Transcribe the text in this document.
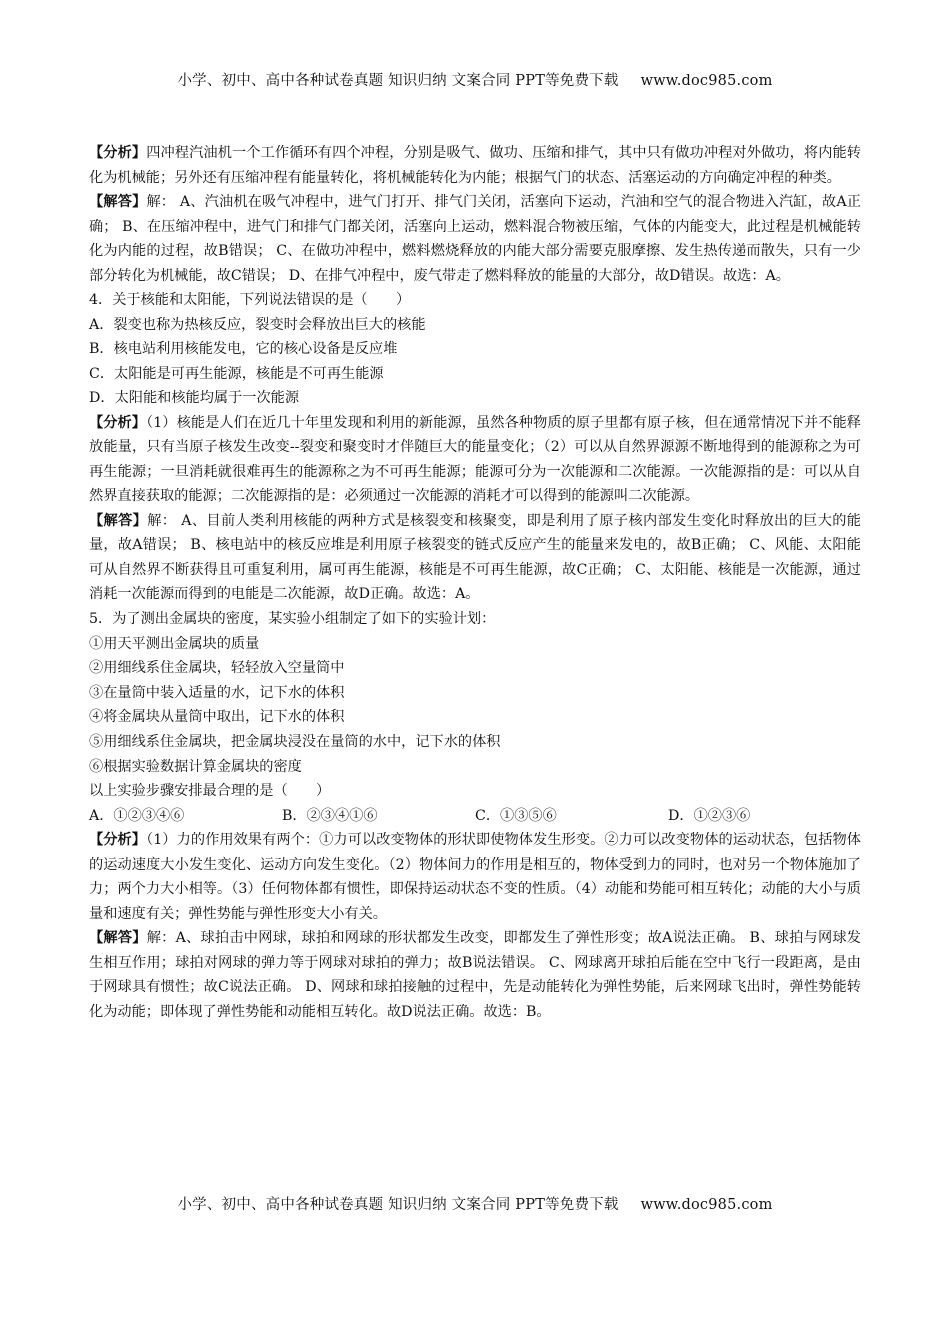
小学、初中、高中各种试卷真题 知识归纳 文案合同 PPT等免费下载 www.doc985.com

【分析】四冲程汽油机一个工作循环有四个冲程，分别是吸气、做功、压缩和排气，其中只有做功冲程对外做功，将内能转化为机械能；另外还有压缩冲程有能量转化，将机械能转化为内能；根据气门的状态、活塞运动的方向确定冲程的种类。

【解答】解： A、汽油机在吸气冲程中，进气门打开、排气门关闭，活塞向下运动，汽油和空气的混合物进入汽缸，故A正确； B、在压缩冲程中，进气门和排气门都关闭，活塞向上运动，燃料混合物被压缩，气体的内能变大，此过程是机械能转化为内能的过程，故B错误； C、在做功冲程中，燃料燃烧释放的内能大部分需要克服摩擦、发生热传递而散失，只有一少部分转化为机械能，故C错误； D、在排气冲程中，废气带走了燃料释放的能量的大部分，故D错误。故选：A。

4．关于核能和太阳能，下列说法错误的是（　　）

A．裂变也称为热核反应，裂变时会释放出巨大的核能

B．核电站利用核能发电，它的核心设备是反应堆

C．太阳能是可再生能源，核能是不可再生能源

D．太阳能和核能均属于一次能源

【分析】（1）核能是人们在近几十年里发现和利用的新能源，虽然各种物质的原子里都有原子核，但在通常情况下并不能释放能量，只有当原子核发生改变--裂变和聚变时才伴随巨大的能量变化；（2）可以从自然界源源不断地得到的能源称之为可再生能源；一旦消耗就很难再生的能源称之为不可再生能源；能源可分为一次能源和二次能源。一次能源指的是：可以从自然界直接获取的能源；二次能源指的是：必须通过一次能源的消耗才可以得到的能源叫二次能源。

【解答】解： A、目前人类利用核能的两种方式是核裂变和核聚变，即是利用了原子核内部发生变化时释放出的巨大的能量，故A错误； B、核电站中的核反应堆是利用原子核裂变的链式反应产生的能量来发电的，故B正确； C、风能、太阳能可从自然界不断获得且可重复利用，属可再生能源，核能是不可再生能源，故C正确； C、太阳能、核能是一次能源，通过消耗一次能源而得到的电能是二次能源，故D正确。故选：A。

5．为了测出金属块的密度，某实验小组制定了如下的实验计划：

①用天平测出金属块的质量

②用细线系住金属块，轻轻放入空量筒中

③在量筒中装入适量的水，记下水的体积

④将金属块从量筒中取出，记下水的体积

⑤用细线系住金属块，把金属块浸没在量筒的水中，记下水的体积

⑥根据实验数据计算金属块的密度

以上实验步骤安排最合理的是（　　）

A．①②③④⑥	B．②③④①⑥	C．①③⑤⑥	D．①②③⑥

【分析】（1）力的作用效果有两个：①力可以改变物体的形状即使物体发生形变。②力可以改变物体的运动状态，包括物体的运动速度大小发生变化、运动方向发生变化。（2）物体间力的作用是相互的，物体受到力的同时，也对另一个物体施加了力；两个力大小相等。（3）任何物体都有惯性，即保持运动状态不变的性质。（4）动能和势能可相互转化；动能的大小与质量和速度有关；弹性势能与弹性形变大小有关。

【解答】解：A、球拍击中网球，球拍和网球的形状都发生改变，即都发生了弹性形变；故A说法正确。 B、球拍与网球发生相互作用；球拍对网球的弹力等于网球对球拍的弹力；故B说法错误。 C、网球离开球拍后能在空中飞行一段距离，是由于网球具有惯性；故C说法正确。 D、网球和球拍接触的过程中，先是动能转化为弹性势能，后来网球飞出时，弹性势能转化为动能；即体现了弹性势能和动能相互转化。故D说法正确。故选：B。

小学、初中、高中各种试卷真题 知识归纳 文案合同 PPT等免费下载 www.doc985.com
